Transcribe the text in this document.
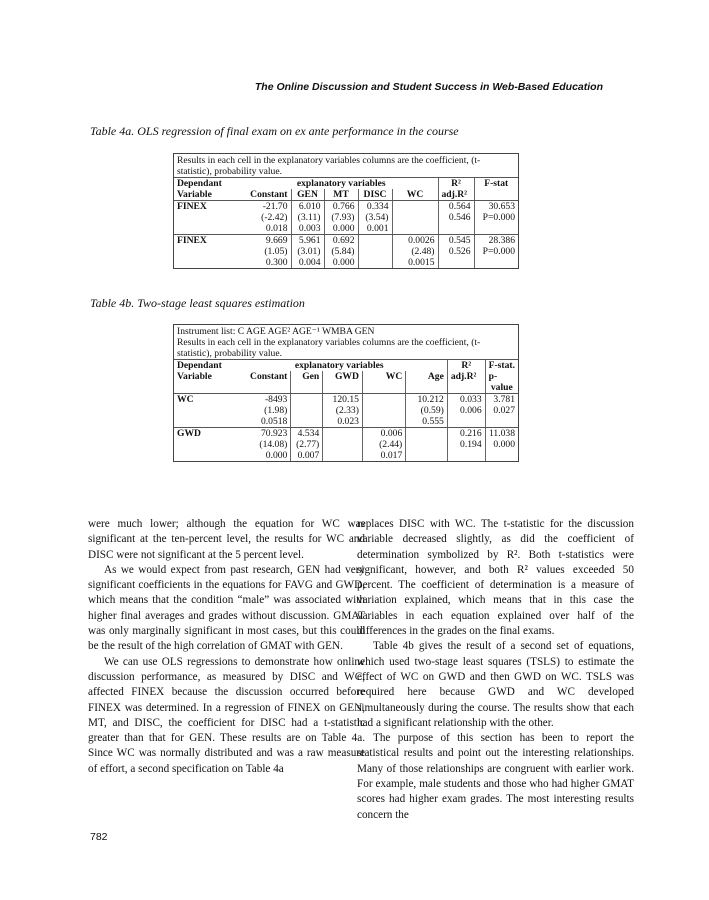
The Online Discussion and Student Success in Web-Based Education
Table 4a. OLS regression of final exam on ex ante performance in the course
Results in each cell in the explanatory variables columns are the coefficient, (t-
statistic), probability value.
Dependant	explanatory variables					R²	F-stat
Variable	Constant	GEN	MT	DISC	WC	adj.R²	
FINEX	-21.70	6.010	0.766	0.334		0.564	30.653
	(-2.42)	(3.11)	(7.93)	(3.54)		0.546	P=0.000
	0.018	0.003	0.000	0.001			
FINEX	9.669	5.961	0.692		0.0026	0.545	28.386
	(1.05)	(3.01)	(5.84)		(2.48)	0.526	P=0.000
	0.300	0.004	0.000		0.0015		
Table 4b. Two-stage least squares estimation
Instrument list: C AGE AGE² AGE⁻¹ WMBA GEN
Results in each cell in the explanatory variables columns are the coefficient, (t-
statistic), probability value.
Dependant	explanatory variables					R²	F-stat.
Variable	Constant	Gen	GWD	WC	Age	adj.R²	p-
							value
WC	-8493		120.15		10.212	0.033	3.781
	(1.98)		(2.33)		(0.59)	0.006	0.027
	0.0518		0.023		0.555		
GWD	70.923	4.534		0.006		0.216	11.038
	(14.08)	(2.77)		(2.44)		0.194	0.000
	0.000	0.007		0.017			

were much lower; although the equation for WC was significant at the ten-percent level, the results for WC and DISC were not significant at the 5 percent level.

As we would expect from past research, GEN had very significant coefficients in the equations for FAVG and GWD, which means that the condition “male” was associated with higher final averages and grades without discussion. GMAT was only marginally significant in most cases, but this could be the result of the high correlation of GMAT with GEN.

We can use OLS regressions to demonstrate how online discussion performance, as measured by DISC and WC, affected FINEX because the discussion occurred before FINEX was determined. In a regression of FINEX on GEN, MT, and DISC, the coefficient for DISC had a t-statistic greater than that for GEN. These results are on Table 4a. Since WC was normally distributed and was a raw measure of effort, a second specification on Table 4a

replaces DISC with WC. The t-statistic for the discussion variable decreased slightly, as did the coefficient of determination symbolized by R². Both t-statistics were significant, however, and both R² values exceeded 50 percent. The coefficient of determination is a measure of variation explained, which means that in this case the variables in each equation explained over half of the differences in the grades on the final exams.

Table 4b gives the result of a second set of equations, which used two-stage least squares (TSLS) to estimate the effect of WC on GWD and then GWD on WC. TSLS was required here because GWD and WC developed simultaneously during the course. The results show that each had a significant relationship with the other.

The purpose of this section has been to report the statistical results and point out the interesting relationships. Many of those relationships are congruent with earlier work. For example, male students and those who had higher GMAT scores had higher exam grades. The most interesting results concern the

782
